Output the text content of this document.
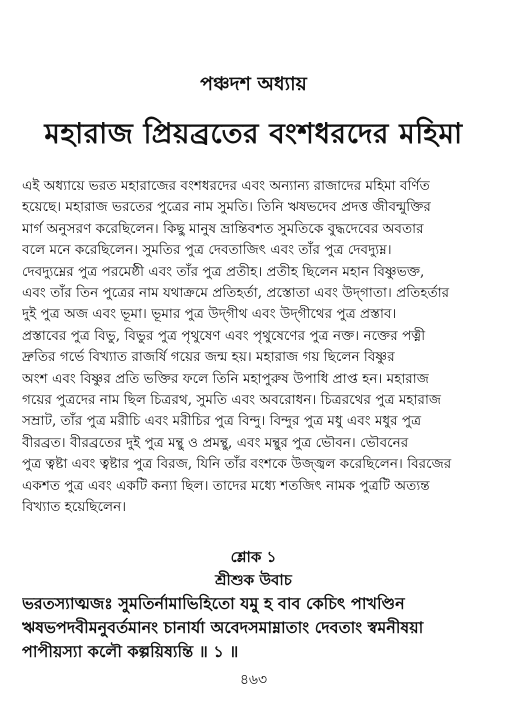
পঞ্চদশ অধ্যায়
মহারাজ প্রিয়ব্রতের বংশধরদের মহিমা

এই অধ্যায়ে ভরত মহারাজের বংশধরদের এবং অন্যান্য রাজাদের মহিমা বর্ণিত
হয়েছে। মহারাজ ভরতের পুত্রের নাম সুমতি। তিনি ঋষভদেব প্রদত্ত জীবন্মুক্তির
মার্গ অনুসরণ করেছিলেন। কিছু মানুষ ভ্রান্তিবশত সুমতিকে বুদ্ধদেবের অবতার
বলে মনে করেছিলেন। সুমতির পুত্র দেবতাজিৎ এবং তাঁর পুত্র দেবদ্যুম্ন।
দেবদ্যুম্নের পুত্র পরমেষ্ঠী এবং তাঁর পুত্র প্রতীহ। প্রতীহ ছিলেন মহান বিষ্ণুভক্ত,
এবং তাঁর তিন পুত্রের নাম যথাক্রমে প্রতিহর্তা, প্রস্তোতা এবং উদ্‌গাতা। প্রতিহর্তার
দুই পুত্র অজ এবং ভূমা। ভূমার পুত্র উদ্‌গীথ এবং উদ্‌গীথের পুত্র প্রস্তাব।
প্রস্তাবের পুত্র বিভু, বিভুর পুত্র পৃথুষেণ এবং পৃথুষেণের পুত্র নক্ত। নক্তের পত্নী
দ্রুতির গর্ভে বিখ্যাত রাজর্ষি গয়ের জন্ম হয়। মহারাজ গয় ছিলেন বিষ্ণুর
অংশ এবং বিষ্ণুর প্রতি ভক্তির ফলে তিনি মহাপুরুষ উপাধি প্রাপ্ত হন। মহারাজ
গয়ের পুত্রদের নাম ছিল চিত্ররথ, সুমতি এবং অবরোধন। চিত্ররথের পুত্র মহারাজ
সম্রাট, তাঁর পুত্র মরীচি এবং মরীচির পুত্র বিন্দু। বিন্দুর পুত্র মধু এবং মধুর পুত্র
বীরব্রত। বীরব্রতের দুই পুত্র মন্থু ও প্রমন্থু, এবং মন্থুর পুত্র ভৌবন। ভৌবনের
পুত্র ত্বষ্টা এবং ত্বষ্টার পুত্র বিরজ, যিনি তাঁর বংশকে উজ্জ্বল করেছিলেন। বিরজের
একশত পুত্র এবং একটি কন্যা ছিল। তাদের মধ্যে শতজিৎ নামক পুত্রটি অত্যন্ত
বিখ্যাত হয়েছিলেন।

শ্লোক ১
শ্রীশুক উবাচ
ভরতস্যাত্মজঃ সুমতির্নামাভিহিতো যমু হ বাব কেচিৎ পাখণ্ডিন
ঋষভপদবীমনুবর্তমানং চানার্যা অবেদসমাম্নাতাং দেবতাং স্বমনীষয়া
পাপীয়স্যা কলৌ কল্পয়িষ্যন্তি ॥ ১ ॥
৪৬৩
